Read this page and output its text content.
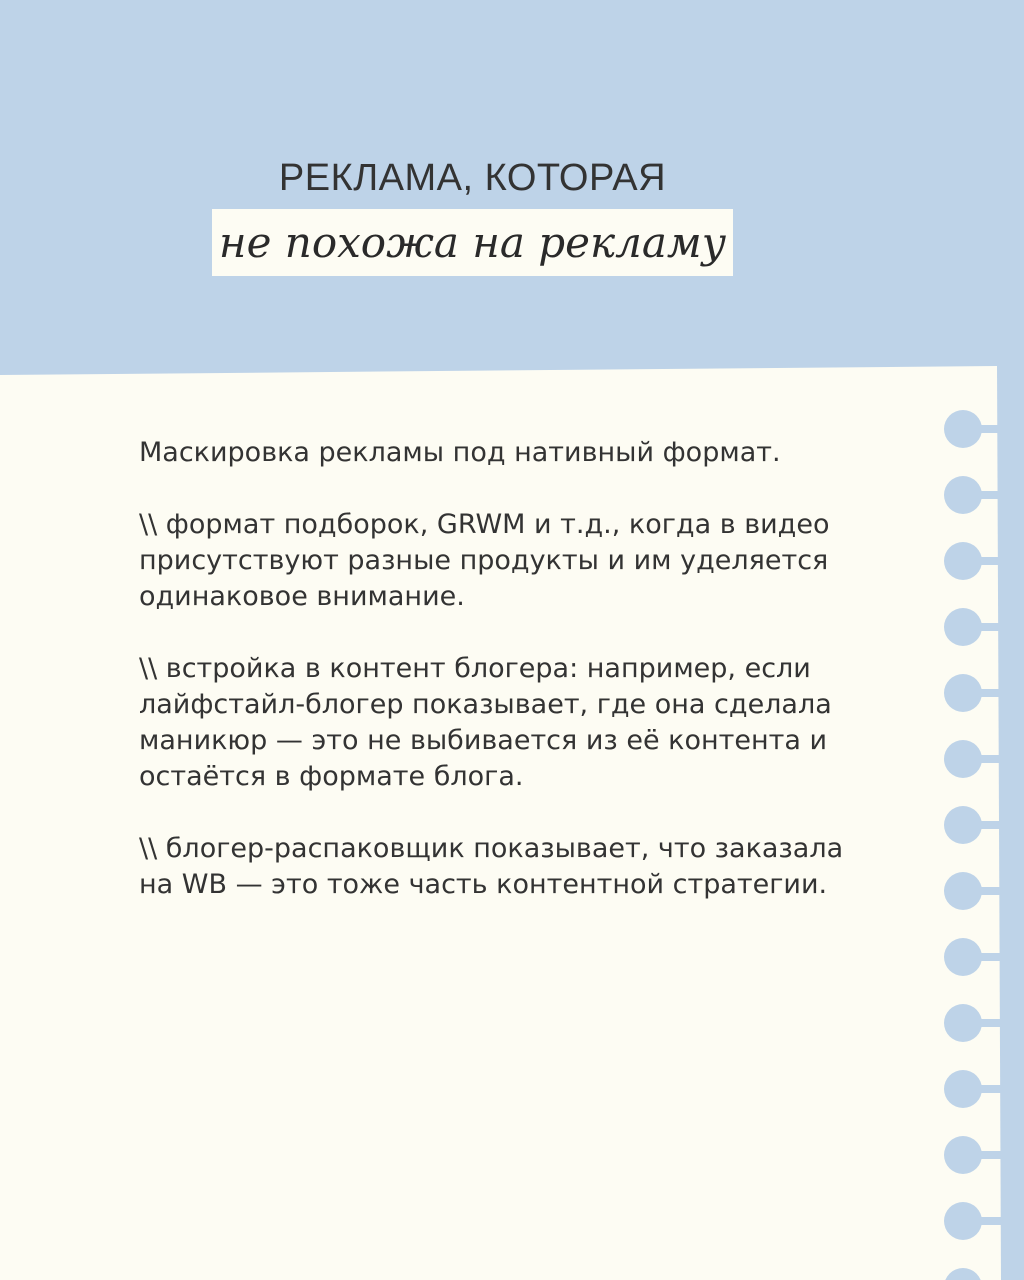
РЕКЛАМА, КОТОРАЯ
не похожа на рекламу

Маскировка рекламы под нативный формат.

\\ формат подборок, GRWM и т.д., когда в видео присутствуют разные продукты и им уделяется одинаковое внимание.

\\ встройка в контент блогера: например, если лайфстайл-блогер показывает, где она сделала маникюр — это не выбивается из её контента и остаётся в формате блога.

\\ блогер-распаковщик показывает, что заказала на WB — это тоже часть контентной стратегии.
